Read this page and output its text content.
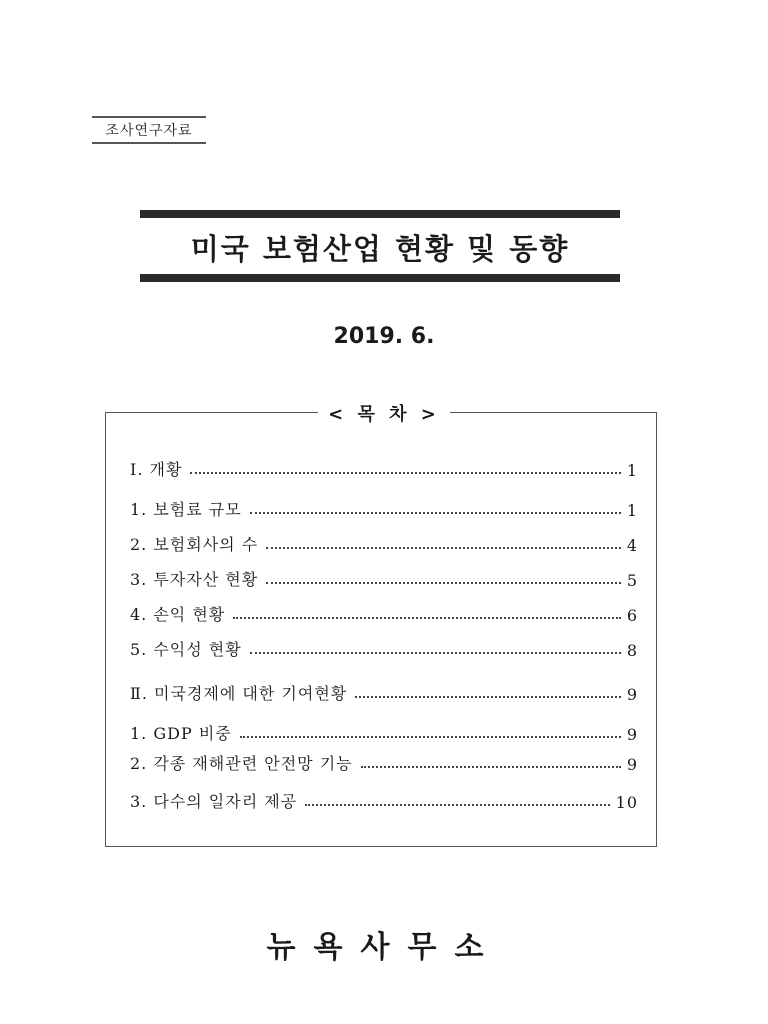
조사연구자료
미국 보험산업 현황 및 동향
2019. 6.
< 목 차 >
Ⅰ. 개황	1
1. 보험료 규모	1
2. 보험회사의 수	4
3. 투자자산 현황	5
4. 손익 현황	6
5. 수익성 현황	8
Ⅱ. 미국경제에 대한 기여현황	9
1. GDP 비중	9
2. 각종 재해관련 안전망 기능	9
3. 다수의 일자리 제공	10
뉴욕사무소
